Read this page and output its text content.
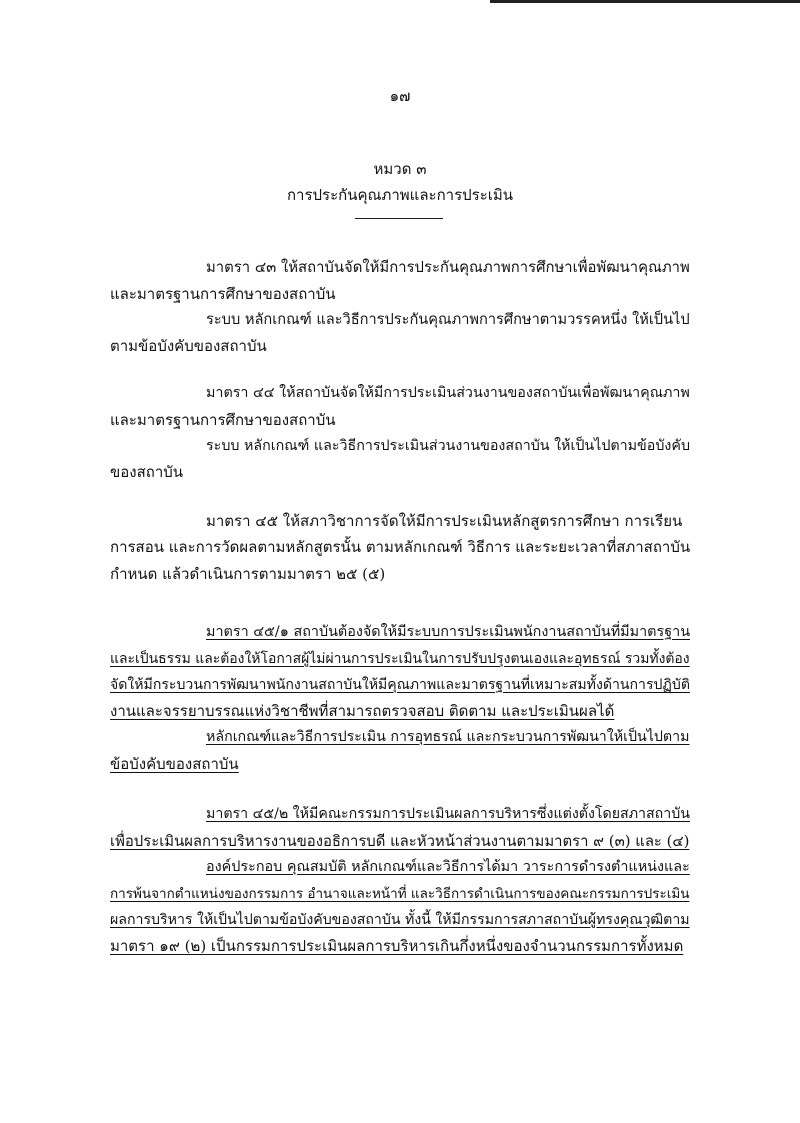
๑๗
หมวด ๓
การประกันคุณภาพและการประเมิน
มาตรา ๔๓ ให้สถาบันจัดให้มีการประกันคุณภาพการศึกษาเพื่อพัฒนาคุณภาพ
และมาตรฐานการศึกษาของสถาบัน
ระบบ หลักเกณฑ์ และวิธีการประกันคุณภาพการศึกษาตามวรรคหนึ่ง ให้เป็นไป
ตามข้อบังคับของสถาบัน
มาตรา ๔๔ ให้สถาบันจัดให้มีการประเมินส่วนงานของสถาบันเพื่อพัฒนาคุณภาพ
และมาตรฐานการศึกษาของสถาบัน
ระบบ หลักเกณฑ์ และวิธีการประเมินส่วนงานของสถาบัน ให้เป็นไปตามข้อบังคับ
ของสถาบัน
มาตรา ๔๕ ให้สภาวิชาการจัดให้มีการประเมินหลักสูตรการศึกษา การเรียน
การสอน และการวัดผลตามหลักสูตรนั้น ตามหลักเกณฑ์ วิธีการ และระยะเวลาที่สภาสถาบัน
กำหนด แล้วดำเนินการตามมาตรา ๒๕ (๕)
มาตรา ๔๕/๑ สถาบันต้องจัดให้มีระบบการประเมินพนักงานสถาบันที่มีมาตรฐาน
และเป็นธรรม และต้องให้โอกาสผู้ไม่ผ่านการประเมินในการปรับปรุงตนเองและอุทธรณ์ รวมทั้งต้อง
จัดให้มีกระบวนการพัฒนาพนักงานสถาบันให้มีคุณภาพและมาตรฐานที่เหมาะสมทั้งด้านการปฏิบัติ
งานและจรรยาบรรณแห่งวิชาชีพที่สามารถตรวจสอบ ติดตาม และประเมินผลได้
หลักเกณฑ์และวิธีการประเมิน การอุทธรณ์ และกระบวนการพัฒนาให้เป็นไปตาม
ข้อบังคับของสถาบัน
มาตรา ๔๕/๒ ให้มีคณะกรรมการประเมินผลการบริหารซึ่งแต่งตั้งโดยสภาสถาบัน
เพื่อประเมินผลการบริหารงานของอธิการบดี และหัวหน้าส่วนงานตามมาตรา ๙ (๓) และ (๔)
องค์ประกอบ คุณสมบัติ หลักเกณฑ์และวิธีการได้มา วาระการดำรงตำแหน่งและ
การพ้นจากตำแหน่งของกรรมการ อำนาจและหน้าที่ และวิธีการดำเนินการของคณะกรรมการประเมิน
ผลการบริหาร ให้เป็นไปตามข้อบังคับของสถาบัน ทั้งนี้ ให้มีกรรมการสภาสถาบันผู้ทรงคุณวุฒิตาม
มาตรา ๑๙ (๒) เป็นกรรมการประเมินผลการบริหารเกินกึ่งหนึ่งของจำนวนกรรมการทั้งหมด
